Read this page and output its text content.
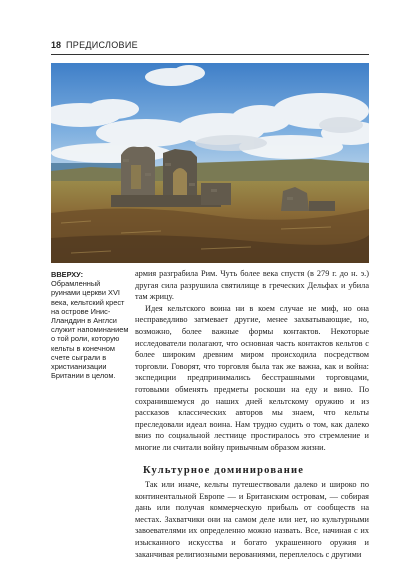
18 ПРЕДИСЛОВИЕ
ВВЕРХУ:
Обрамленный руинами церкви XVI века, кельтский крест на острове Инис-Лланддин в Англси служит напоминанием о той роли, которую кельты в конечном счете сыграли в христианизации Британии в целом.

армия разграбила Рим. Чуть более века спустя (в 279 г. до н. э.) другая сила разрушила святилище в греческих Дельфах и убила там жрицу.

Идея кельтского воина ни в коем случае не миф, но она несправедливо затмевает другие, менее захватывающие, но, возможно, более важные формы контактов. Некоторые исследователи полагают, что основная часть контактов кельтов с более широким древним миром происходила посредством торговли. Говорят, что торговля была так же важна, как и война: экспедиции предпринимались бесстрашными торговцами, готовыми обменять предметы роскоши на еду и вино. По сохранившемуся до наших дней кельтскому оружию и из рассказов классических авторов мы знаем, что кельты преследовали идеал воина. Нам трудно судить о том, как далеко вниз по социальной лестнице простиралось это стремление и многие ли считали войну привычным образом жизни.

Культурное доминирование

Так или иначе, кельты путешествовали далеко и широко по континентальной Европе — и Британским островам, — собирая дань или получая коммерческую прибыль от сообществ на местах. Захватчики они на самом деле или нет, но культурными завоевателями их определенно можно назвать. Все, начиная с их изысканного искусства и богато украшенного оружия и заканчивая религиозными верованиями, переплелось с другими
